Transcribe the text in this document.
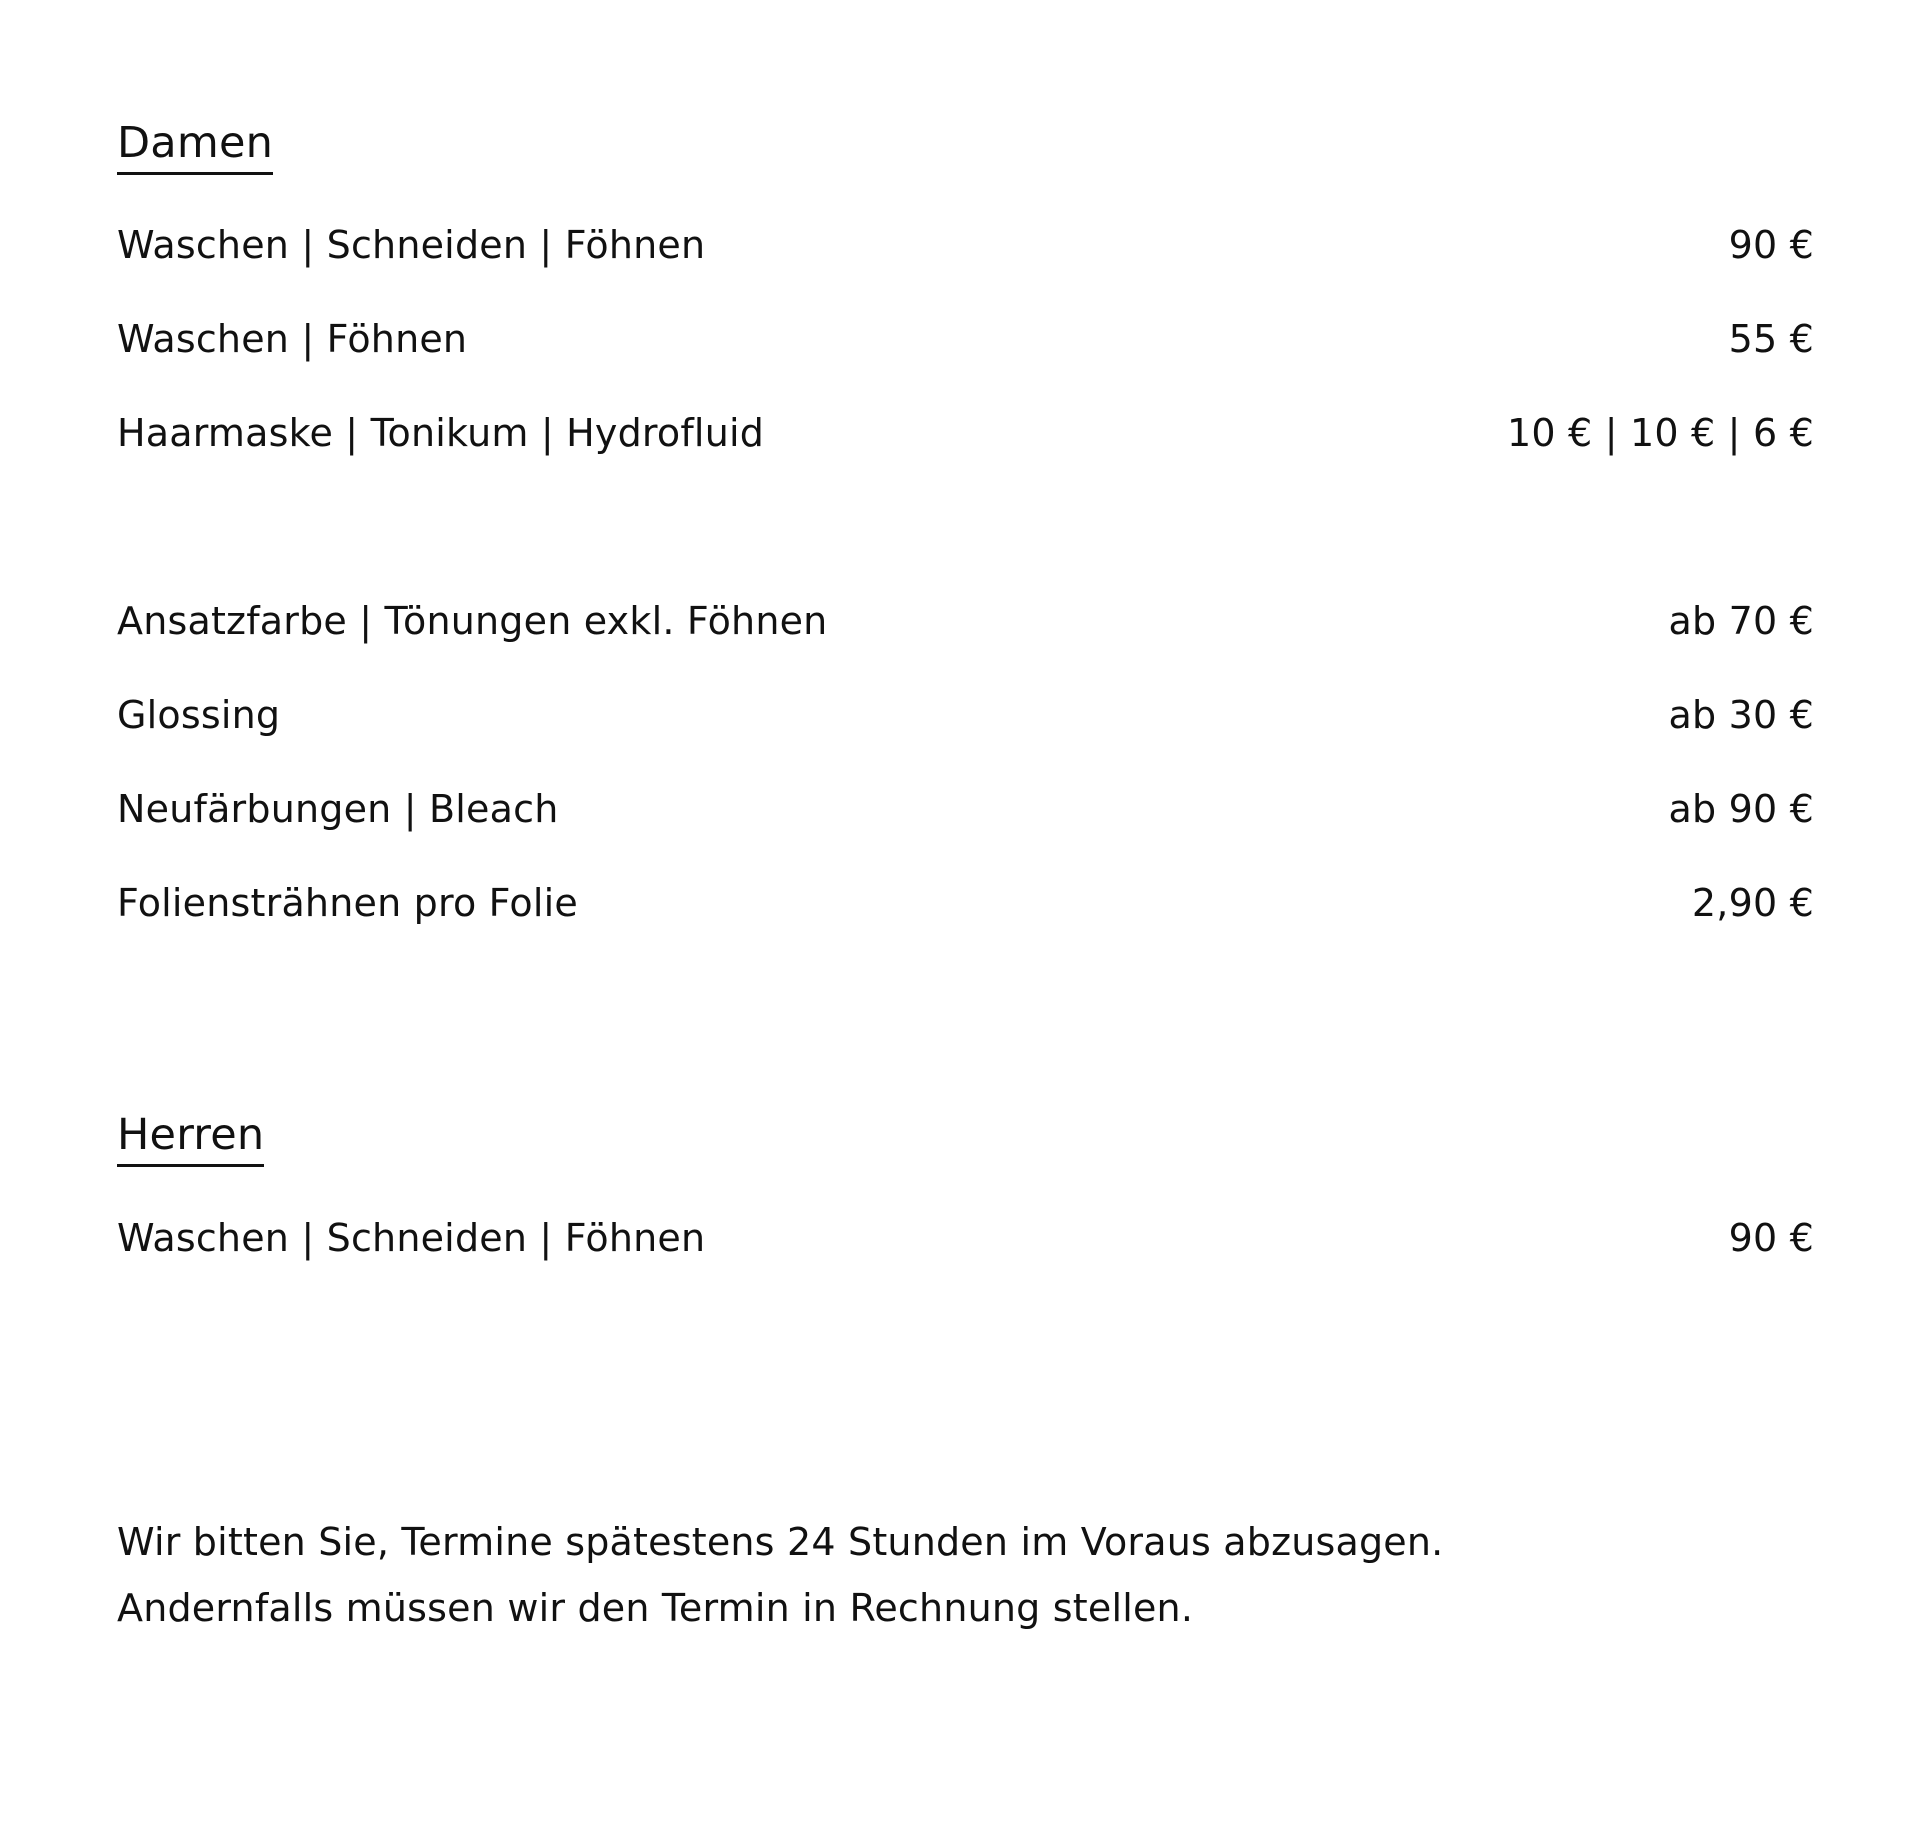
Damen
Waschen | Schneiden | Föhnen	90 €
Waschen | Föhnen	55 €
Haarmaske | Tonikum | Hydrofluid	10 € | 10 € | 6 €
Ansatzfarbe | Tönungen exkl. Föhnen	ab 70 €
Glossing	ab 30 €
Neufärbungen | Bleach	ab 90 €
Foliensträhnen pro Folie	2,90 €
Herren
Waschen | Schneiden | Föhnen	90 €

Wir bitten Sie, Termine spätestens 24 Stunden im Voraus abzusagen.

Andernfalls müssen wir den Termin in Rechnung stellen.
